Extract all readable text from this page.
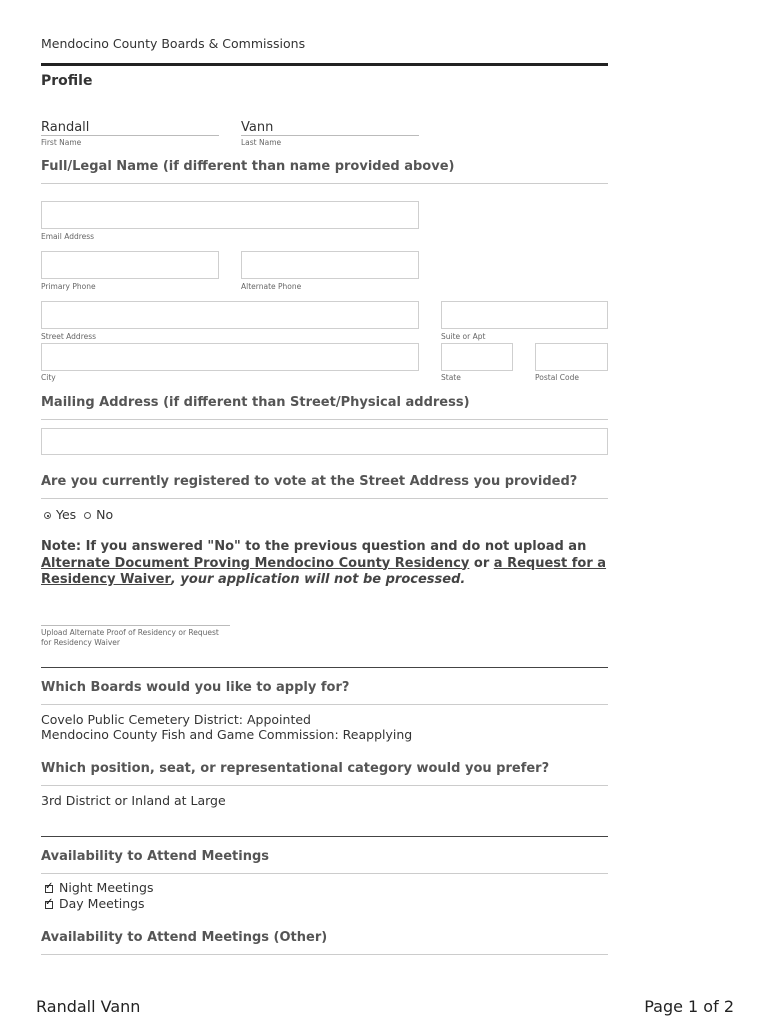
Mendocino County Boards & Commissions
Profile
Randall
First Name
Vann
Last Name
Full/Legal Name (if different than name provided above)
Email Address
Primary Phone	Alternate Phone
Street Address	Suite or Apt
City	State	Postal Code
Mailing Address (if different than Street/Physical address)
Are you currently registered to vote at the Street Address you provided?
Yes No
Note: If you answered "No" to the previous question and do not upload an Alternate Document Proving Mendocino County Residency or a Request for a Residency Waiver, your application will not be processed.
Upload Alternate Proof of Residency or Request
for Residency Waiver
Which Boards would you like to apply for?
Covelo Public Cemetery District: Appointed
Mendocino County Fish and Game Commission: Reapplying
Which position, seat, or representational category would you prefer?
3rd District or Inland at Large
Availability to Attend Meetings
✓Night Meetings
✓Day Meetings
Availability to Attend Meetings (Other)
Randall Vann	Page 1 of 2
